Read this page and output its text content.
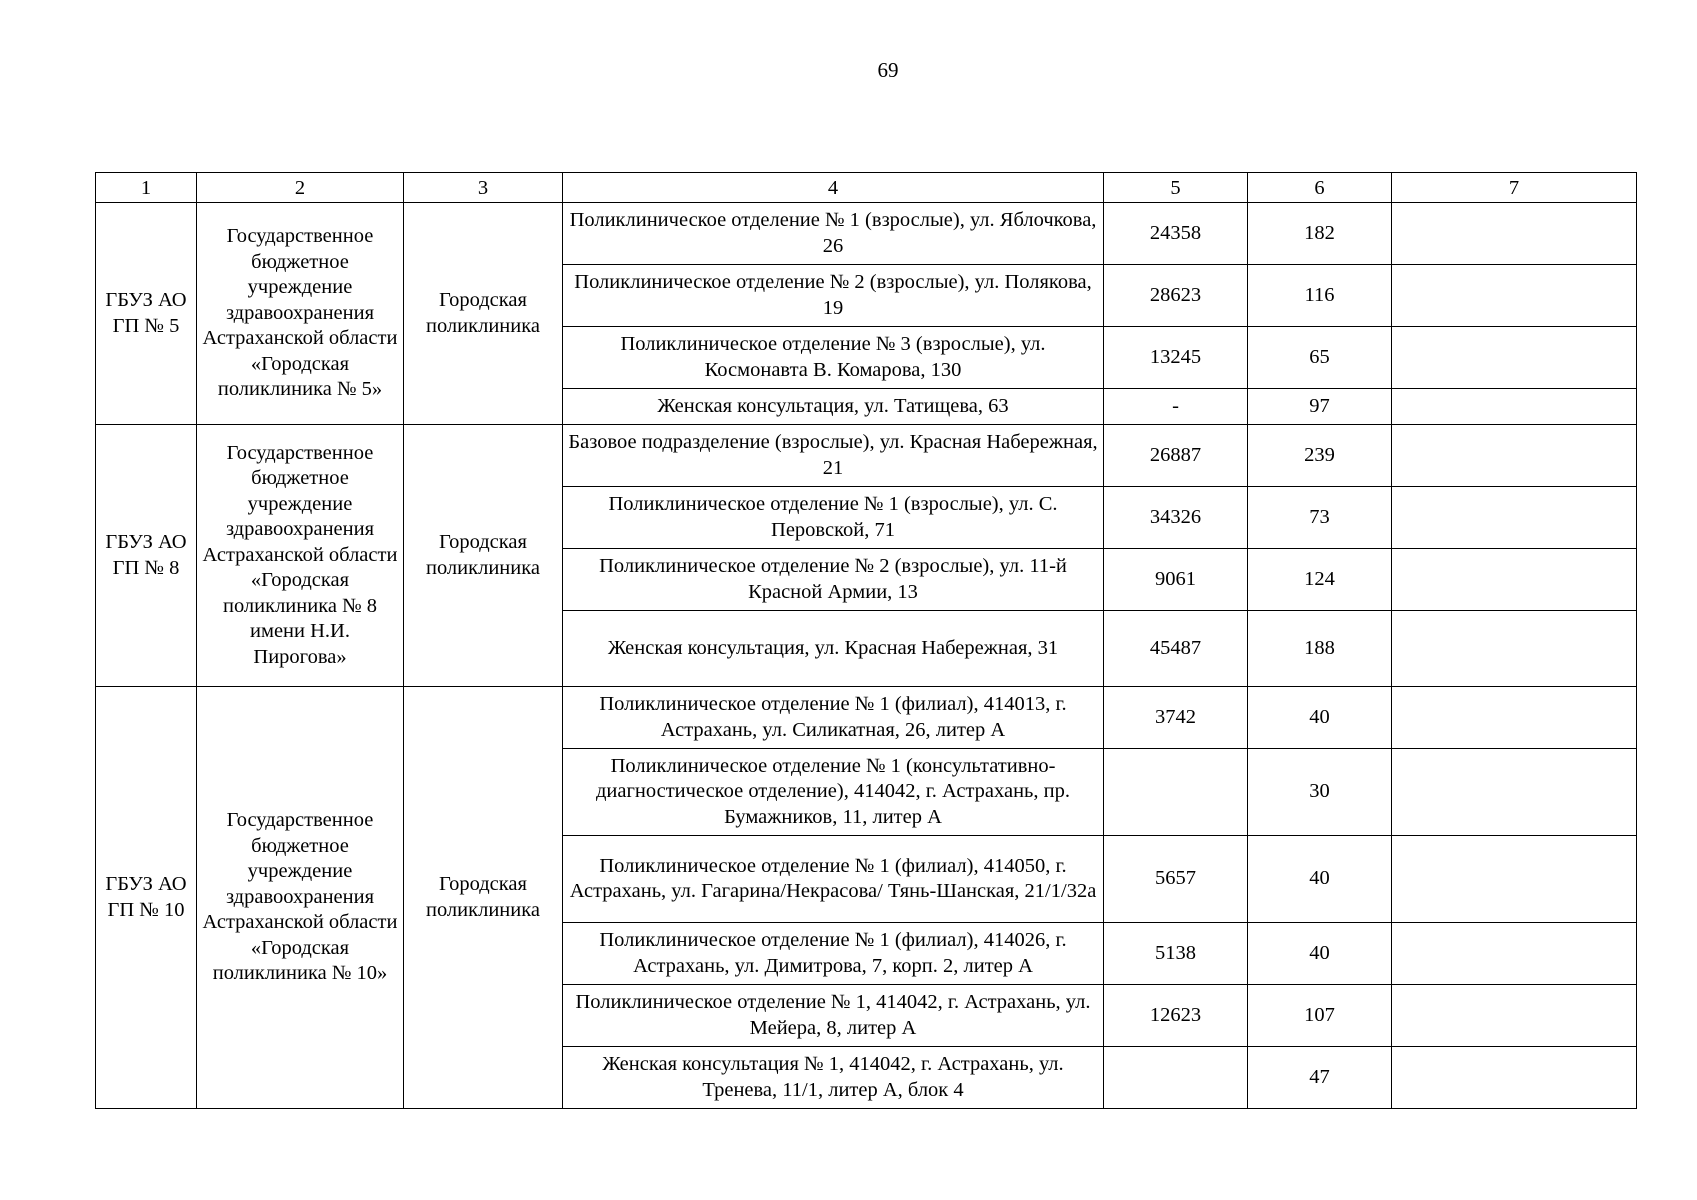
69
1	2	3	4	5	6	7
ГБУЗ АО ГП № 5	Государственное бюджетное учреждение здравоохранения Астраханской области «Городская поликлиника № 5»	Городская поликлиника	Поликлиническое отделение № 1 (взрослые), ул. Яблочкова, 26	24358	182	
			Поликлиническое отделение № 2 (взрослые), ул. Полякова, 19	28623	116	
			Поликлиническое отделение № 3 (взрослые), ул. Космонавта В. Комарова, 130	13245	65	
			Женская консультация, ул. Татищева, 63	-	97	
ГБУЗ АО ГП № 8	Государственное бюджетное учреждение здравоохранения Астраханской области «Городская поликлиника № 8 имени Н.И. Пирогова»	Городская поликлиника	Базовое подразделение (взрослые), ул. Красная Набережная, 21	26887	239	
			Поликлиническое отделение № 1 (взрослые), ул. С. Перовской, 71	34326	73	
			Поликлиническое отделение № 2 (взрослые), ул. 11-й Красной Армии, 13	9061	124	
			Женская консультация, ул. Красная Набережная, 31	45487	188	
ГБУЗ АО ГП № 10	Государственное бюджетное учреждение здравоохранения Астраханской области «Городская поликлиника № 10»	Городская поликлиника	Поликлиническое отделение № 1 (филиал), 414013, г. Астрахань, ул. Силикатная, 26, литер А	3742	40	
			Поликлиническое отделение № 1 (консультативно-диагностическое отделение), 414042, г. Астрахань, пр. Бумажников, 11, литер А		30	
			Поликлиническое отделение № 1 (филиал), 414050, г. Астрахань, ул. Гагарина/Некрасова/ Тянь-Шанская, 21/1/32а	5657	40	
			Поликлиническое отделение № 1 (филиал), 414026, г. Астрахань, ул. Димитрова, 7, корп. 2, литер А	5138	40	
			Поликлиническое отделение № 1, 414042, г. Астрахань, ул. Мейера, 8, литер А	12623	107	
			Женская консультация № 1, 414042, г. Астрахань, ул. Тренева, 11/1, литер А, блок 4		47	
